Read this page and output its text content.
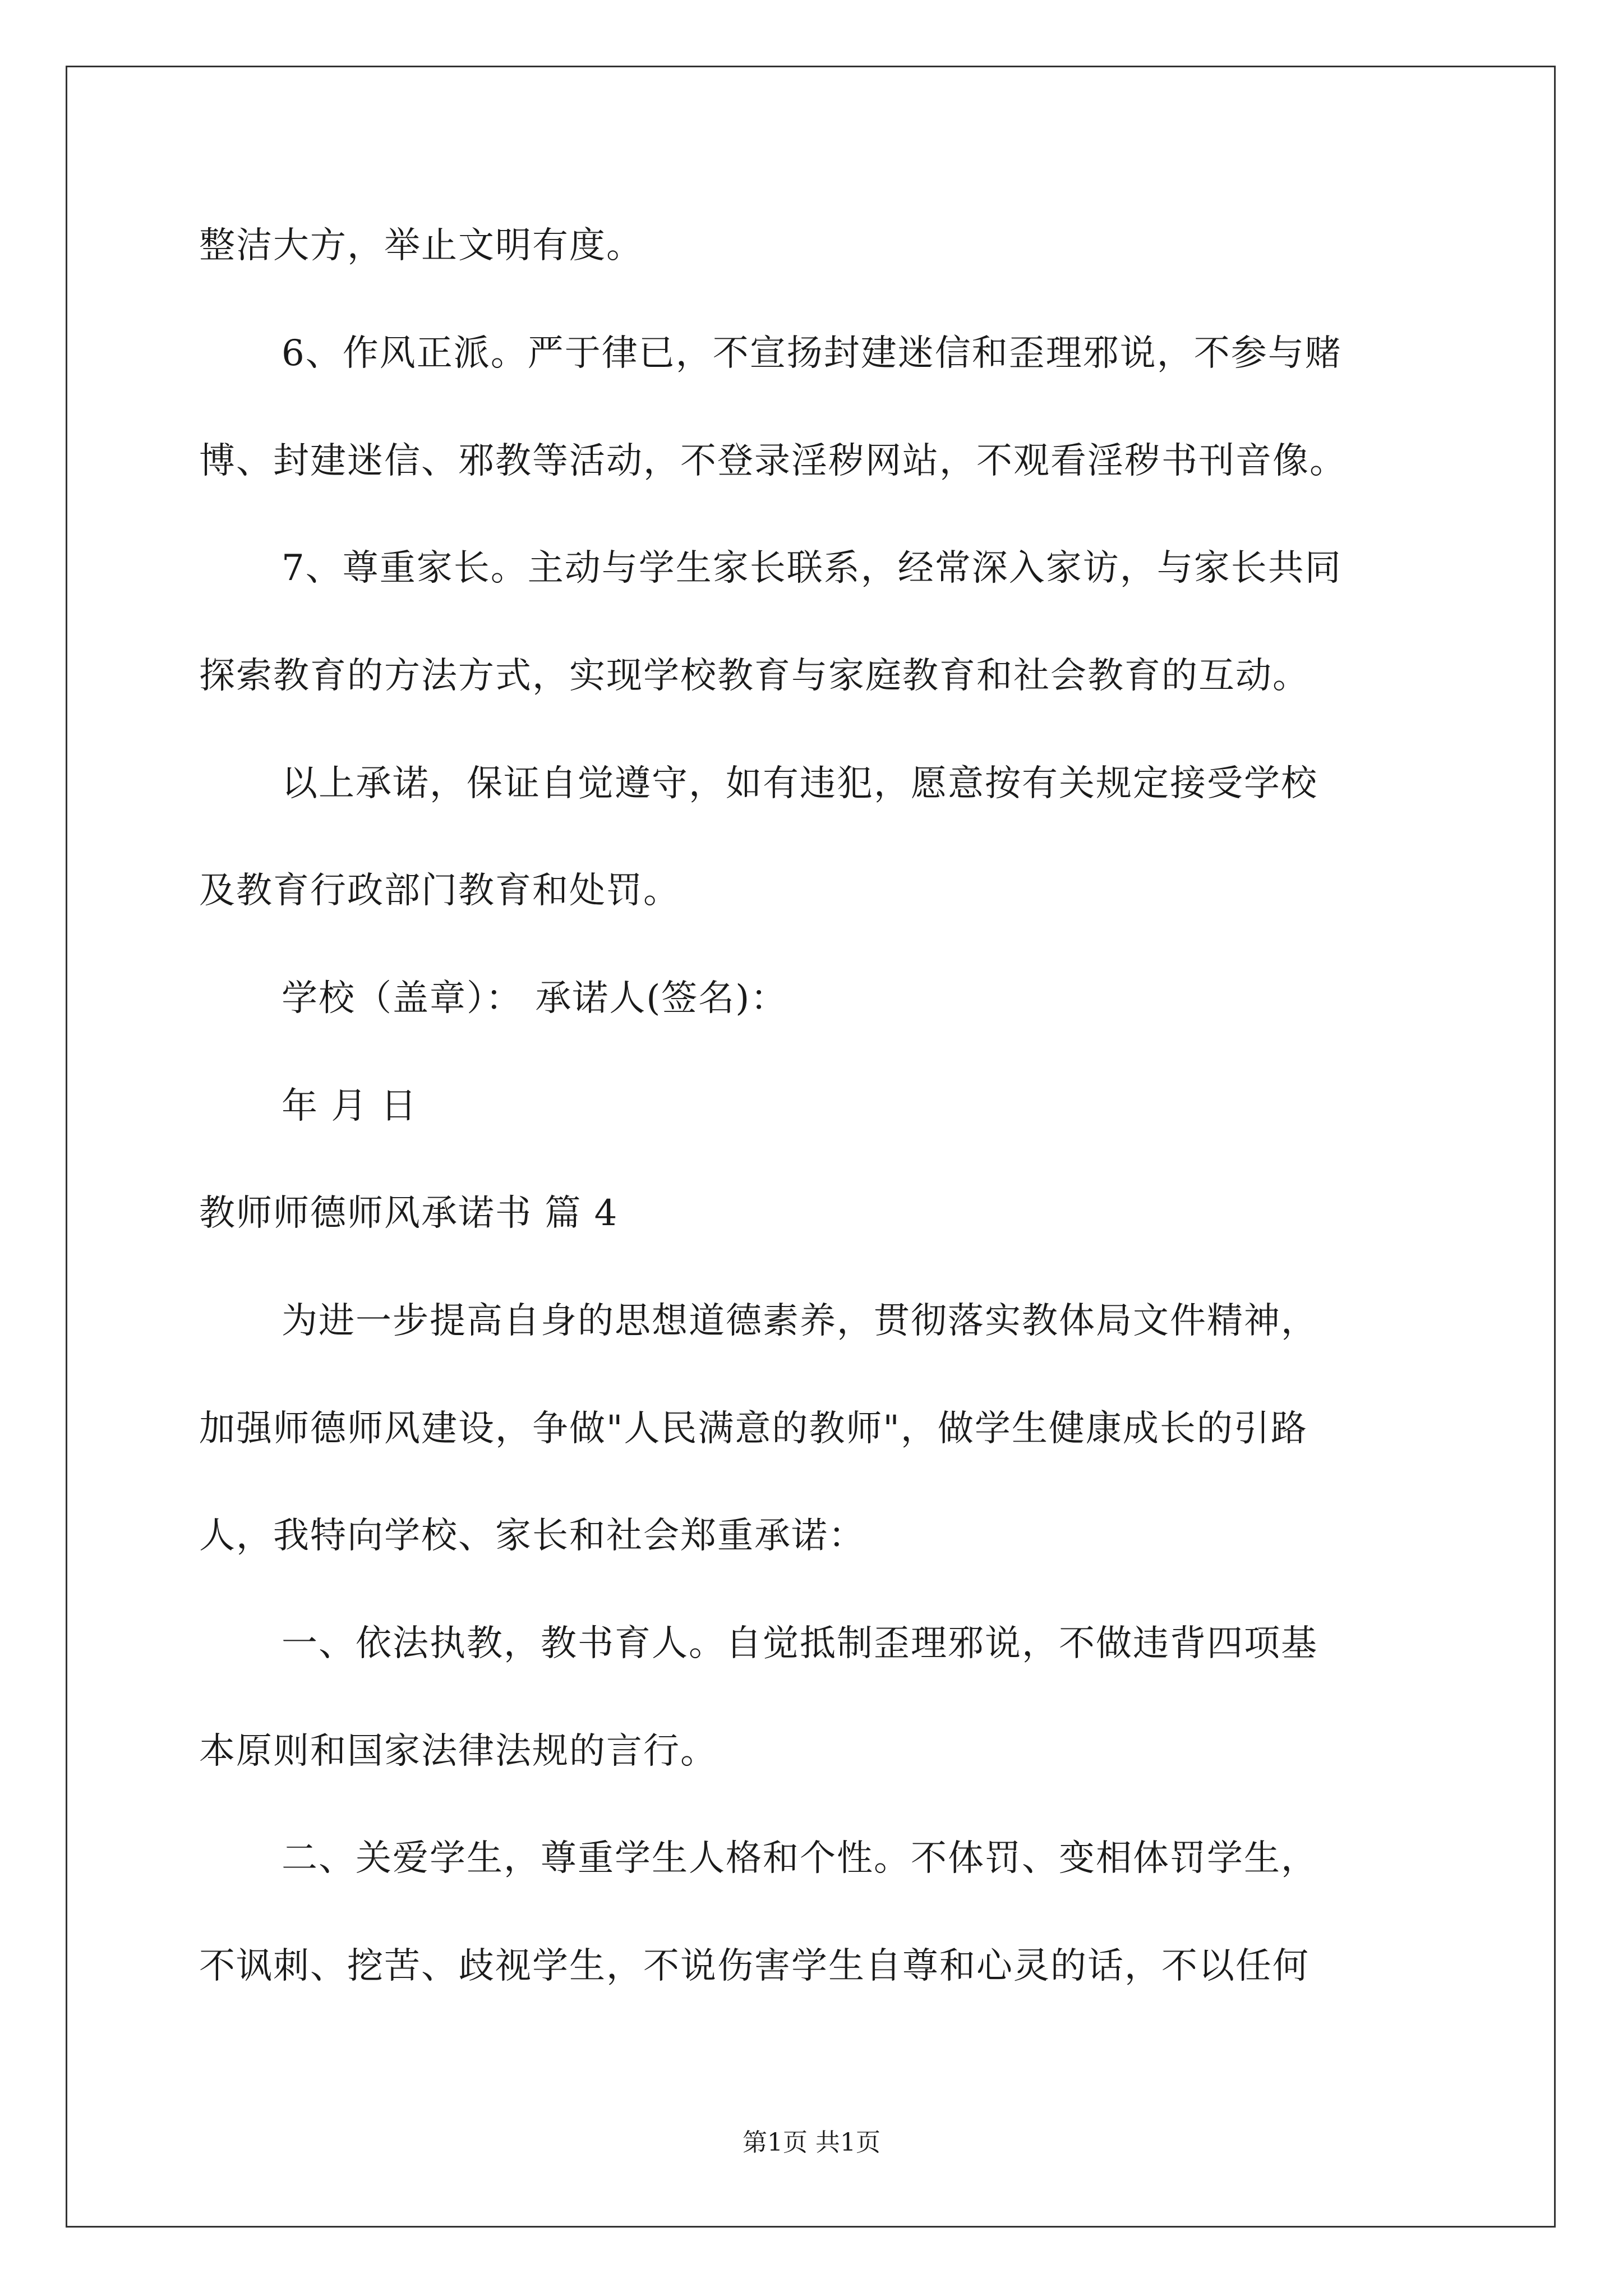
整洁大方，举止文明有度。
6、作风正派。严于律已，不宣扬封建迷信和歪理邪说，不参与赌
博、封建迷信、邪教等活动，不登录淫秽网站，不观看淫秽书刊音像。
7、尊重家长。主动与学生家长联系，经常深入家访，与家长共同
探索教育的方法方式，实现学校教育与家庭教育和社会教育的互动。
以上承诺，保证自觉遵守，如有违犯，愿意按有关规定接受学校
及教育行政部门教育和处罚。
学校（盖章）： 承诺人(签名)：
年 月 日
教师师德师风承诺书 篇 4
为进一步提高自身的思想道德素养，贯彻落实教体局文件精神，
加强师德师风建设，争做"人民满意的教师"，做学生健康成长的引路
人，我特向学校、家长和社会郑重承诺：
一、依法执教，教书育人。自觉抵制歪理邪说，不做违背四项基
本原则和国家法律法规的言行。
二、关爱学生，尊重学生人格和个性。不体罚、变相体罚学生，
不讽刺、挖苦、歧视学生，不说伤害学生自尊和心灵的话，不以任何
第1页 共1页
